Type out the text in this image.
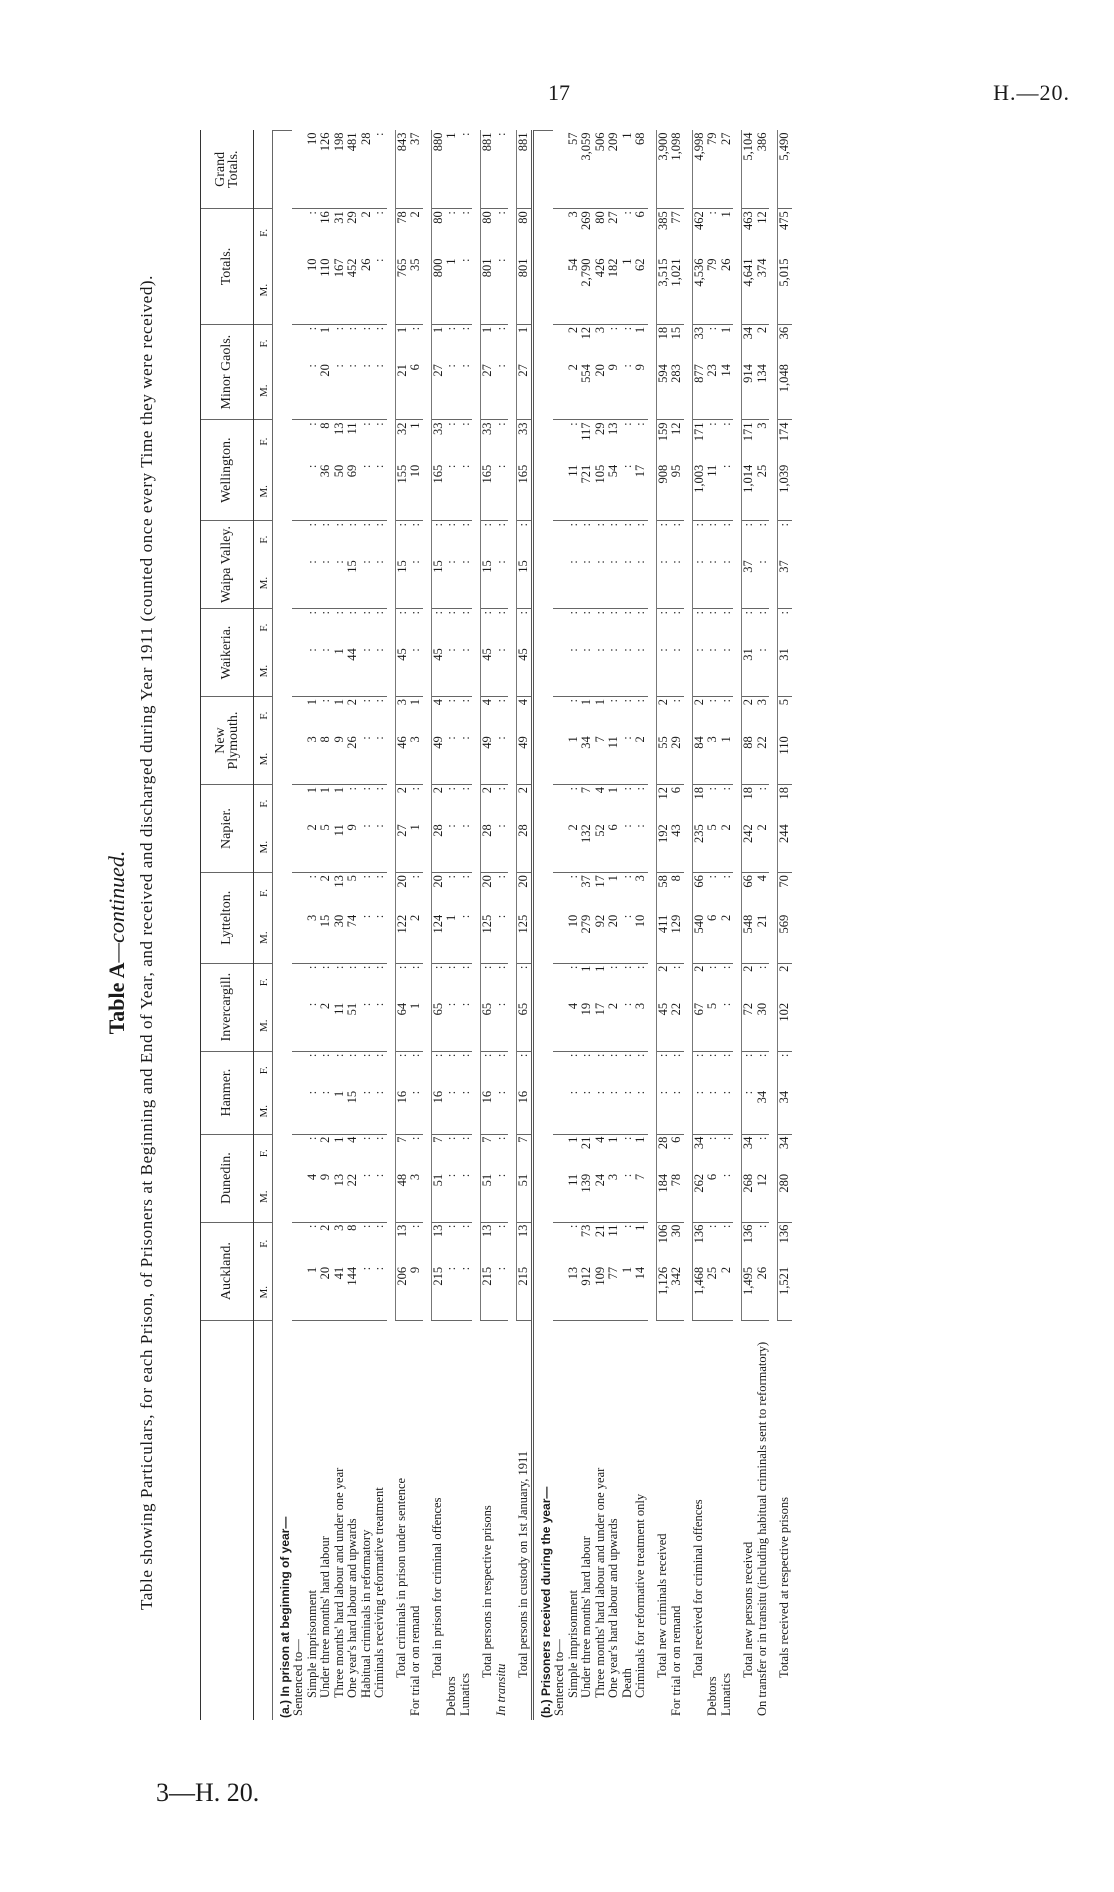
17	H.—20.
3—H. 20.
Table A—continued. Table showing Particulars, for each Prison, of Prisoners at Beginning and End of Year, and received and discharged during Year 1911 (counted once every Time they were received).
		Auckland.		Dunedin.		Hanmer.		Invercargill.		Lyttelton.		Napier.		New Plymouth.		Waikeria.		Waipa Valley.		Wellington.		Minor Gaols.		Totals.		Grand Totals.
	M.	F.	M.	F.	M.	F.	M.	F.	M.	F.	M.	F.	M.	F.	M.	F.	M.	F.	M.	F.	M.	F.	M.	F.	
(a.) In prison at beginning of year—																									
Sentenced to—																									
Simple imprisonment	1	:	4	:	:	:	:	:	3	:	2	1	3	1	:	:	:	:	:	:	:	:	10	:	10
Under three months' hard labour	20	2	9	2	:	:	2	:	15	2	5	1	8	:	:	:	:	:	36	8	20	1	110	16	126
Three months' hard labour and under one year	41	3	13	1	1	:	11	:	30	13	11	1	9	1	1	:	:	:	50	13	:	:	167	31	198
One year's hard labour and upwards	144	8	22	4	15	:	51	:	74	5	9	:	26	2	44	:	15	:	69	11	:	:	452	29	481
Habitual criminals in reformatory	:	:	:	:	:	:	:	:	:	:	:	:	:	:	:	:	:	:	:	:	:	:	26	2	28
Criminals receiving reformative treatment	:	:	:	:	:	:	:	:	:	:	:	:	:	:	:	:	:	:	:	:	:	:	:	:	:

Total criminals in prison under sentence	206	13	48	7	16	:	64	:	122	20	27	2	46	3	45	:	15	:	155	32	21	1	765	78	843
For trial or on remand	9	:	3	:	:	:	1	:	2	:	1	:	3	1	:	:	:	:	10	1	6	:	35	2	37

Total in prison for criminal offences	215	13	51	7	16	:	65	:	124	20	28	2	49	4	45	:	15	:	165	33	27	1	800	80	880
Debtors	:	:	:	:	:	:	:	:	1	:	:	:	:	:	:	:	:	:	:	:	:	:	1	:	1
Lunatics	:	:	:	:	:	:	:	:	:	:	:	:	:	:	:	:	:	:	:	:	:	:	:	:	:

Total persons in respective prisons	215	13	51	7	16	:	65	:	125	20	28	2	49	4	45	:	15	:	165	33	27	1	801	80	881
In transitu	:	:	:	:	:	:	:	:	:	:	:	:	:	:	:	:	:	:	:	:	:	:	:	:	:

Total persons in custody on 1st January, 1911	215	13	51	7	16	:	65	:	125	20	28	2	49	4	45	:	15	:	165	33	27	1	801	80	881
(b.) Prisoners received during the year—																									
Sentenced to—																									
Simple imprisonment	13	:	11	1	:	:	4	:	10	:	2	:	1	:	:	:	:	:	11	:	2	2	54	3	57
Under three months' hard labour	912	73	139	21	:	:	19	1	279	37	132	7	34	1	:	:	:	:	721	117	554	12	2,790	269	3,059
Three months' hard labour and under one year	109	21	24	4	:	:	17	1	92	17	52	4	7	1	:	:	:	:	105	29	20	3	426	80	506
One year's hard labour and upwards	77	11	3	1	:	:	2	:	20	1	6	1	11	:	:	:	:	:	54	13	9	:	182	27	209
Death	1	:	:	:	:	:	:	:	:	:	:	:	:	:	:	:	:	:	:	:	:	:	1	:	1
Criminals for reformative treatment only	14	1	7	1	:	:	3	:	10	3	:	:	2	:	:	:	:	:	17	:	9	1	62	6	68

Total new criminals received	1,126	106	184	28	:	:	45	2	411	58	192	12	55	2	:	:	:	:	908	159	594	18	3,515	385	3,900
For trial or on remand	342	30	78	6	:	:	22	:	129	8	43	6	29	:	:	:	:	:	95	12	283	15	1,021	77	1,098

Total received for criminal offences	1,468	136	262	34	:	:	67	2	540	66	235	18	84	2	:	:	:	:	1,003	171	877	33	4,536	462	4,998
Debtors	25	:	6	:	:	:	5	:	6	:	5	:	3	:	:	:	:	:	11	:	23	:	79	:	79
Lunatics	2	:	:	:	:	:	:	:	2	:	2	:	1	:	:	:	:	:	:	:	14	1	26	1	27

Total new persons received	1,495	136	268	34	:	:	72	2	548	66	242	18	88	2	31	:	37	:	1,014	171	914	34	4,641	463	5,104
On transfer or in transitu (including habitual criminals sent to reformatory)	26	:	12	:	34	:	30	:	21	4	2	:	22	3	:	:	:	:	25	3	134	2	374	12	386

Totals received at respective prisons	1,521	136	280	34	34	:	102	2	569	70	244	18	110	5	31	:	37	:	1,039	174	1,048	36	5,015	475	5,490
